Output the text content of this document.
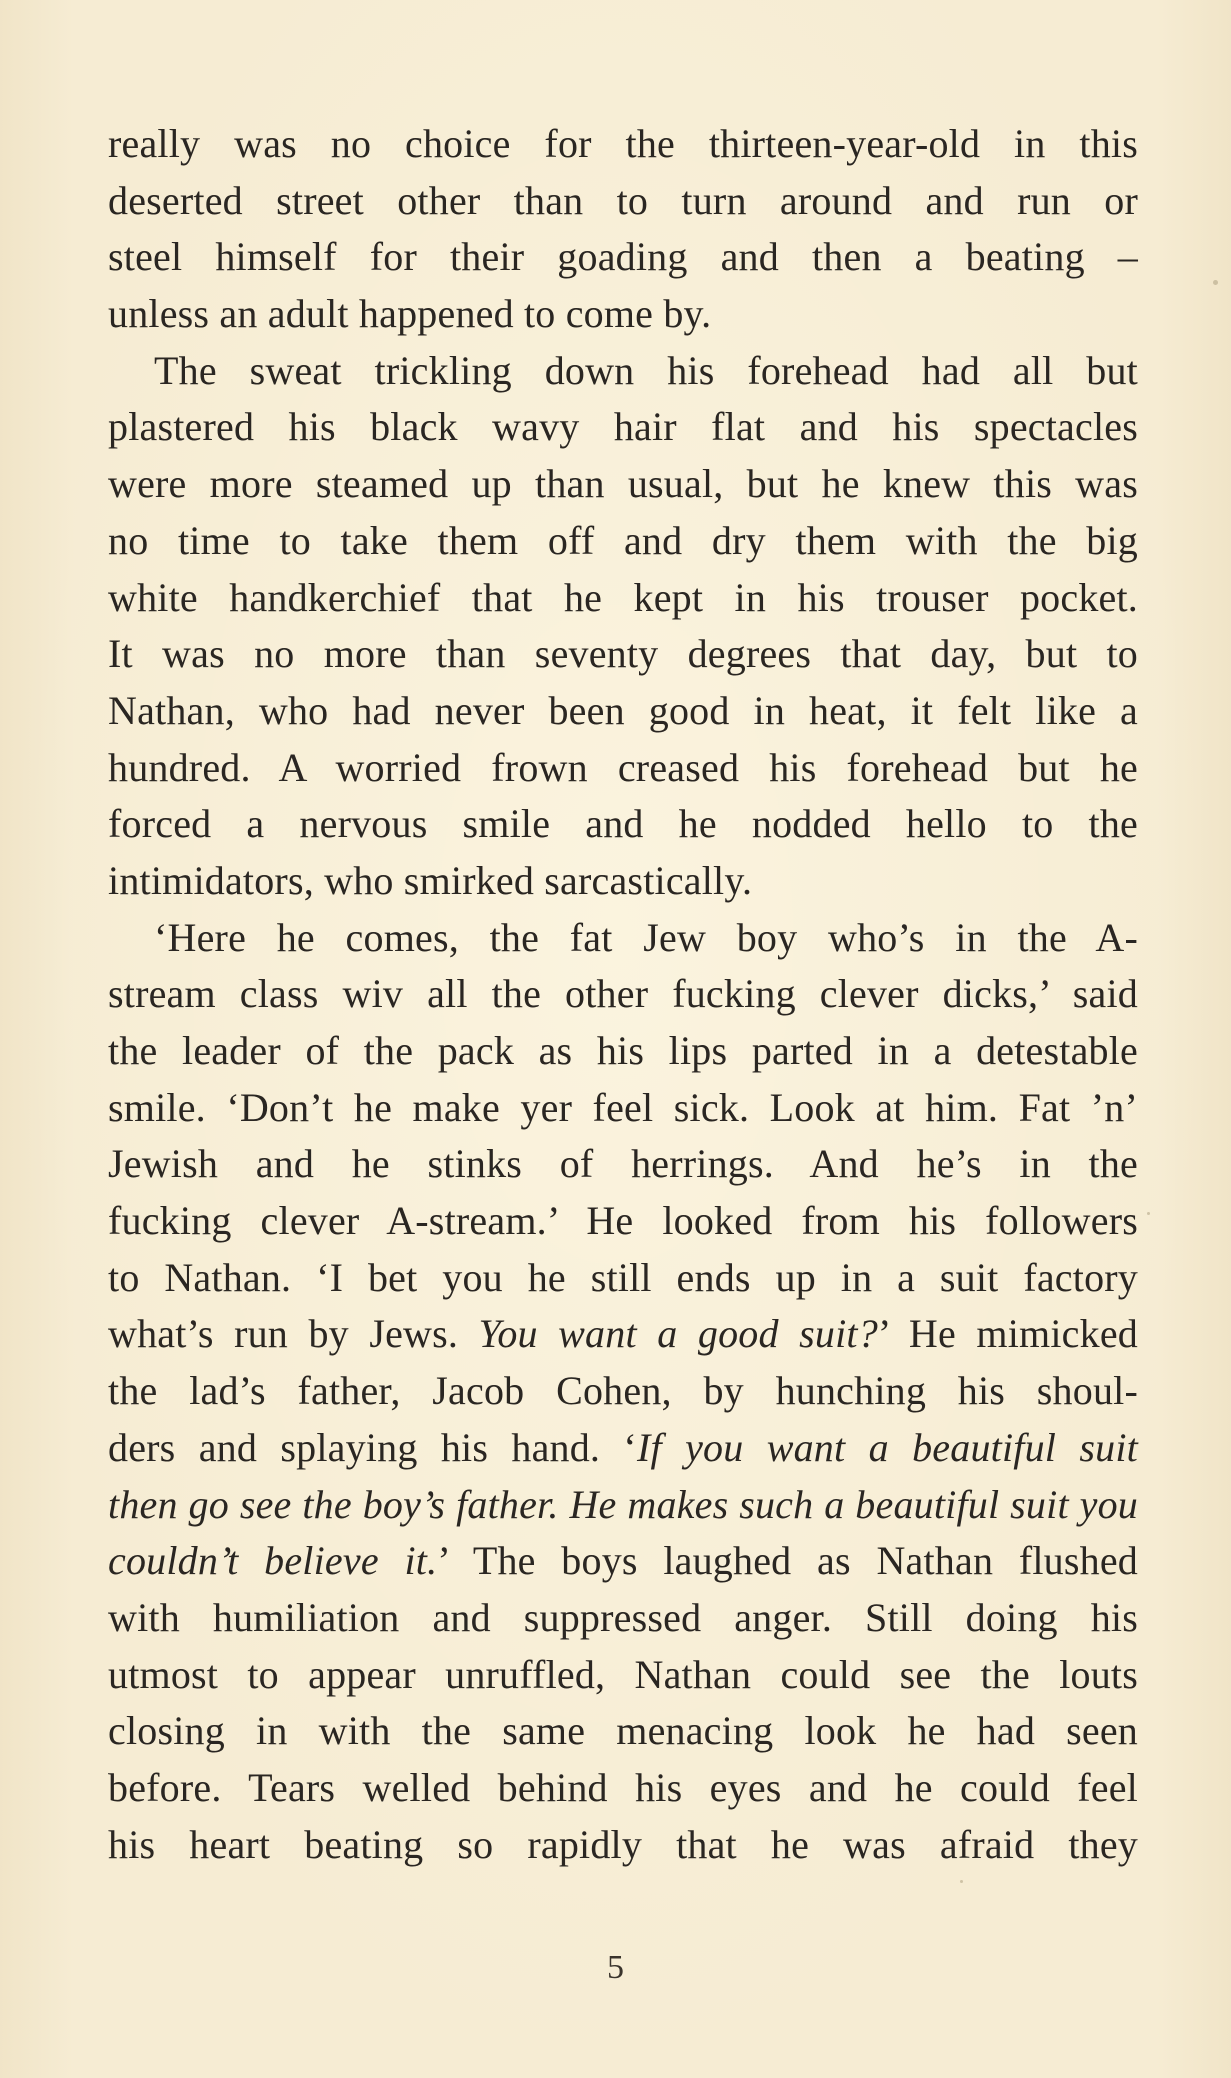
really was no choice for the thirteen-year-old in this
deserted street other than to turn around and run or
steel himself for their goading and then a beating –
unless an adult happened to come by.
The sweat trickling down his forehead had all but
plastered his black wavy hair flat and his spectacles
were more steamed up than usual, but he knew this was
no time to take them off and dry them with the big
white handkerchief that he kept in his trouser pocket.
It was no more than seventy degrees that day, but to
Nathan, who had never been good in heat, it felt like a
hundred. A worried frown creased his forehead but he
forced a nervous smile and he nodded hello to the
intimidators, who smirked sarcastically.
‘Here he comes, the fat Jew boy who’s in the A-
stream class wiv all the other fucking clever dicks,’ said
the leader of the pack as his lips parted in a detestable
smile. ‘Don’t he make yer feel sick. Look at him. Fat ’n’
Jewish and he stinks of herrings. And he’s in the
fucking clever A-stream.’ He looked from his followers
to Nathan. ‘I bet you he still ends up in a suit factory
what’s run by Jews. You want a good suit?’ He mimicked
the lad’s father, Jacob Cohen, by hunching his shoul-
ders and splaying his hand. ‘If you want a beautiful suit
then go see the boy’s father. He makes such a beautiful suit you
couldn’t believe it.’ The boys laughed as Nathan flushed
with humiliation and suppressed anger. Still doing his
utmost to appear unruffled, Nathan could see the louts
closing in with the same menacing look he had seen
before. Tears welled behind his eyes and he could feel
his heart beating so rapidly that he was afraid they
5
